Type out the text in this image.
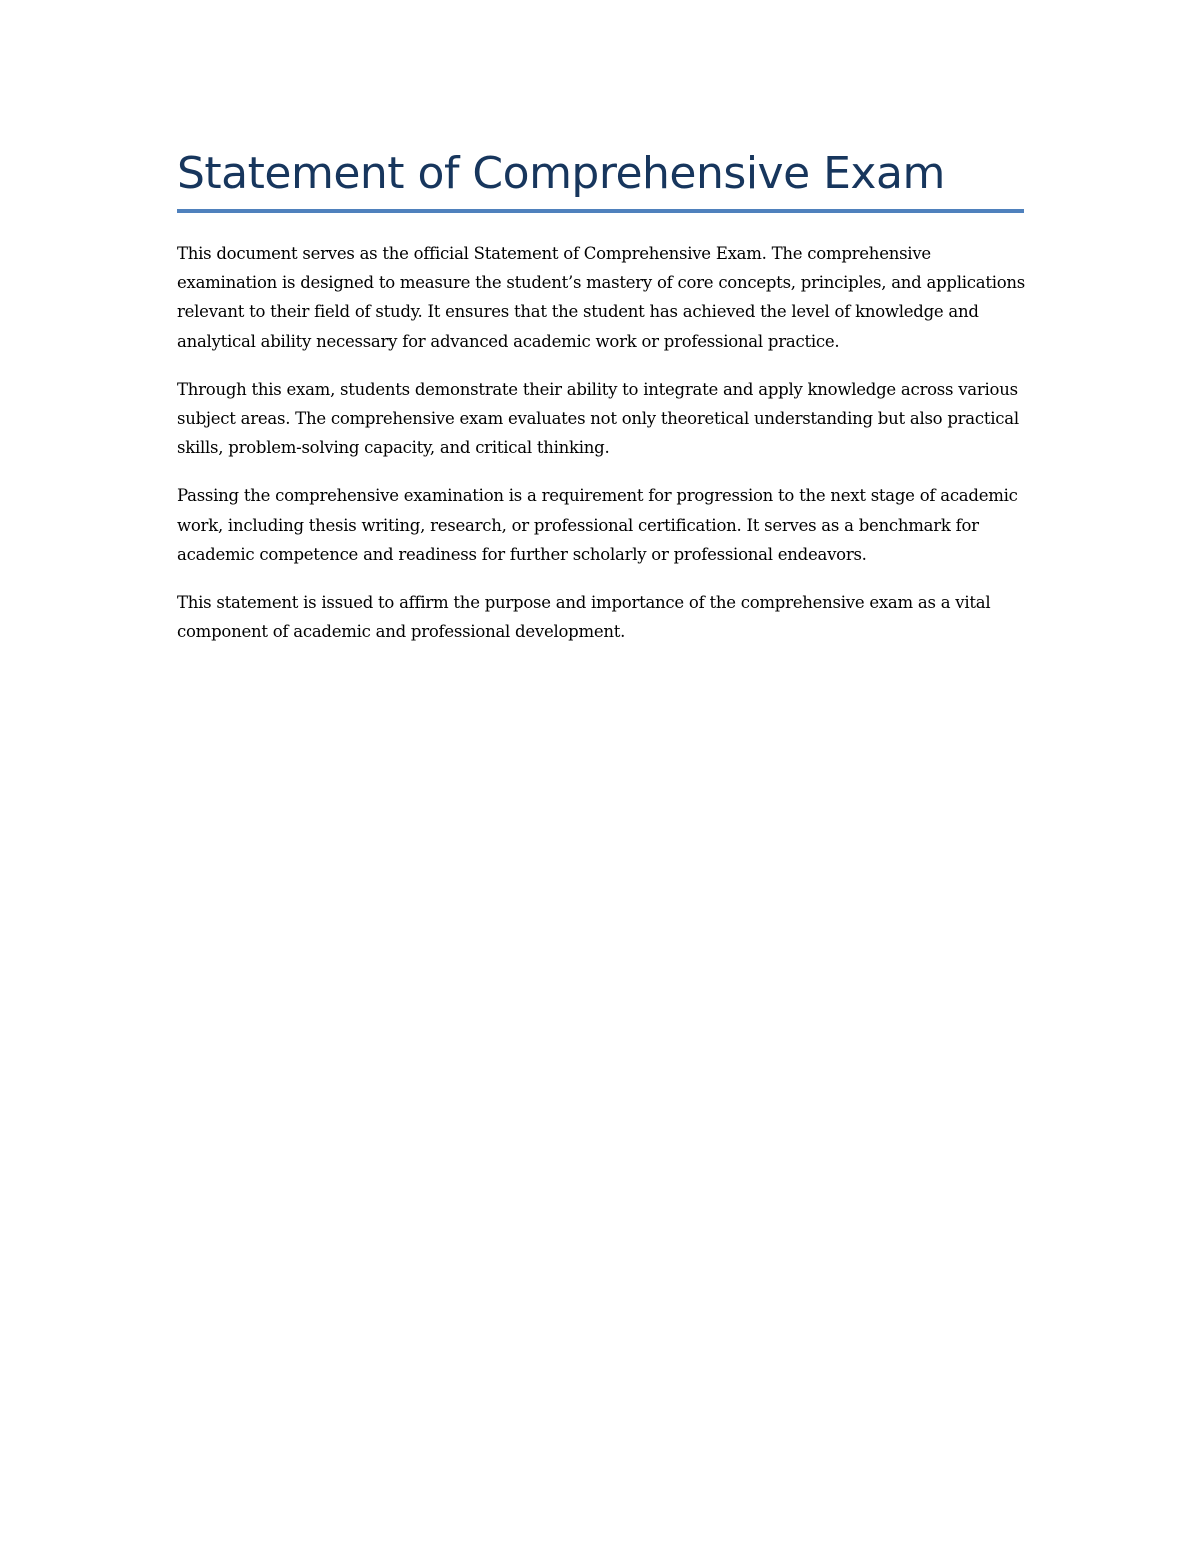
Statement of Comprehensive Exam

This document serves as the official Statement of Comprehensive Exam. The comprehensive examination is designed to measure the student’s mastery of core concepts, principles, and applications relevant to their field of study. It ensures that the student has achieved the level of knowledge and analytical ability necessary for advanced academic work or professional practice.

Through this exam, students demonstrate their ability to integrate and apply knowledge across various subject areas. The comprehensive exam evaluates not only theoretical understanding but also practical skills, problem-solving capacity, and critical thinking.

Passing the comprehensive examination is a requirement for progression to the next stage of academic work, including thesis writing, research, or professional certification. It serves as a benchmark for academic competence and readiness for further scholarly or professional endeavors.

This statement is issued to affirm the purpose and importance of the comprehensive exam as a vital component of academic and professional development.
